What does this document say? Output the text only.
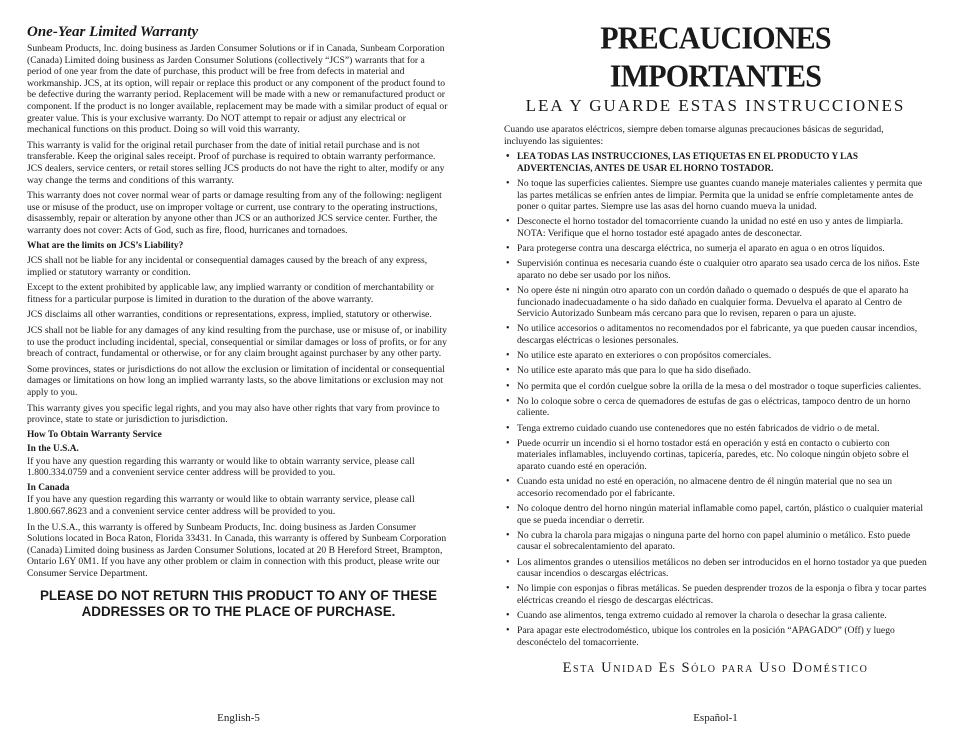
One-Year Limited Warranty

Sunbeam Products, Inc. doing business as Jarden Consumer Solutions or if in Canada, Sunbeam Corporation (Canada) Limited doing business as Jarden Consumer Solutions (collectively “JCS”) warrants that for a period of one year from the date of purchase, this product will be free from defects in material and workmanship. JCS, at its option, will repair or replace this product or any component of the product found to be defective during the warranty period. Replacement will be made with a new or remanufactured product or component. If the product is no longer available, replacement may be made with a similar product of equal or greater value. This is your exclusive warranty. Do NOT attempt to repair or adjust any electrical or mechanical functions on this product. Doing so will void this warranty.

This warranty is valid for the original retail purchaser from the date of initial retail purchase and is not transferable. Keep the original sales receipt. Proof of purchase is required to obtain warranty performance. JCS dealers, service centers, or retail stores selling JCS products do not have the right to alter, modify or any way change the terms and conditions of this warranty.

This warranty does not cover normal wear of parts or damage resulting from any of the following: negligent use or misuse of the product, use on improper voltage or current, use contrary to the operating instructions, disassembly, repair or alteration by anyone other than JCS or an authorized JCS service center. Further, the warranty does not cover: Acts of God, such as fire, flood, hurricanes and tornadoes.

What are the limits on JCS’s Liability?

JCS shall not be liable for any incidental or consequential damages caused by the breach of any express, implied or statutory warranty or condition.

Except to the extent prohibited by applicable law, any implied warranty or condition of merchantability or fitness for a particular purpose is limited in duration to the duration of the above warranty.

JCS disclaims all other warranties, conditions or representations, express, implied, statutory or otherwise.

JCS shall not be liable for any damages of any kind resulting from the purchase, use or misuse of, or inability to use the product including incidental, special, consequential or similar damages or loss of profits, or for any breach of contract, fundamental or otherwise, or for any claim brought against purchaser by any other party.

Some provinces, states or jurisdictions do not allow the exclusion or limitation of incidental or consequential damages or limitations on how long an implied warranty lasts, so the above limitations or exclusion may not apply to you.

This warranty gives you specific legal rights, and you may also have other rights that vary from province to province, state to state or jurisdiction to jurisdiction.

How To Obtain Warranty Service

In the U.S.A.

If you have any question regarding this warranty or would like to obtain warranty service, please call 1.800.334.0759 and a convenient service center address will be provided to you.

In Canada

If you have any question regarding this warranty or would like to obtain warranty service, please call 1.800.667.8623 and a convenient service center address will be provided to you.

In the U.S.A., this warranty is offered by Sunbeam Products, Inc. doing business as Jarden Consumer Solutions located in Boca Raton, Florida 33431. In Canada, this warranty is offered by Sunbeam Corporation (Canada) Limited doing business as Jarden Consumer Solutions, located at 20 B Hereford Street, Brampton, Ontario L6Y 0M1. If you have any other problem or claim in connection with this product, please write our Consumer Service Department.

PLEASE DO NOT RETURN THIS PRODUCT TO ANY OF THESE ADDRESSES OR TO THE PLACE OF PURCHASE.

English-5
PRECAUCIONES IMPORTANTES
LEA Y GUARDE ESTAS INSTRUCCIONES

Cuando use aparatos eléctricos, siempre deben tomarse algunas precauciones básicas de seguridad, incluyendo las siguientes:

• LEA TODAS LAS INSTRUCCIONES, LAS ETIQUETAS EN EL PRODUCTO Y LAS ADVERTENCIAS, ANTES DE USAR EL HORNO TOSTADOR.
• No toque las superficies calientes. Siempre use guantes cuando maneje materiales calientes y permita que las partes metálicas se enfríen antes de limpiar. Permita que la unidad se enfríe completamente antes de poner o quitar partes. Siempre use las asas del horno cuando mueva la unidad.
• Desconecte el horno tostador del tomacorriente cuando la unidad no esté en uso y antes de limpiarla. NOTA: Verifique que el horno tostador esté apagado antes de desconectar.
• Para protegerse contra una descarga eléctrica, no sumerja el aparato en agua o en otros líquidos.
• Supervisión continua es necesaria cuando éste o cualquier otro aparato sea usado cerca de los niños. Este aparato no debe ser usado por los niños.
• No opere éste ni ningún otro aparato con un cordón dañado o quemado o después de que el aparato ha funcionado inadecuadamente o ha sido dañado en cualquier forma. Devuelva el aparato al Centro de Servicio Autorizado Sunbeam más cercano para que lo revisen, reparen o para un ajuste.
• No utilice accesorios o aditamentos no recomendados por el fabricante, ya que pueden causar incendios, descargas eléctricas o lesiones personales.
• No utilice este aparato en exteriores o con propósitos comerciales.
• No utilice este aparato más que para lo que ha sido diseñado.
• No permita que el cordón cuelgue sobre la orilla de la mesa o del mostrador o toque superficies calientes.
• No lo coloque sobre o cerca de quemadores de estufas de gas o eléctricas, tampoco dentro de un horno caliente.
• Tenga extremo cuidado cuando use contenedores que no estén fabricados de vidrio o de metal.
• Puede ocurrir un incendio si el horno tostador está en operación y está en contacto o cubierto con materiales inflamables, incluyendo cortinas, tapicería, paredes, etc. No coloque ningún objeto sobre el aparato cuando esté en operación.
• Cuando esta unidad no esté en operación, no almacene dentro de él ningún material que no sea un accesorio recomendado por el fabricante.
• No coloque dentro del horno ningún material inflamable como papel, cartón, plástico o cualquier material que se pueda incendiar o derretir.
• No cubra la charola para migajas o ninguna parte del horno con papel aluminio o metálico. Esto puede causar el sobrecalentamiento del aparato.
• Los alimentos grandes o utensilios metálicos no deben ser introducidos en el horno tostador ya que pueden causar incendios o descargas eléctricas.
• No limpie con esponjas o fibras metálicas. Se pueden desprender trozos de la esponja o fibra y tocar partes eléctricas creando el riesgo de descargas eléctricas.
• Cuando ase alimentos, tenga extremo cuidado al remover la charola o desechar la grasa caliente.
• Para apagar este electrodoméstico, ubique los controles en la posición “APAGADO” (Off) y luego desconéctelo del tomacorriente.

Esta Unidad Es Sólo para Uso Doméstico

Español-1
